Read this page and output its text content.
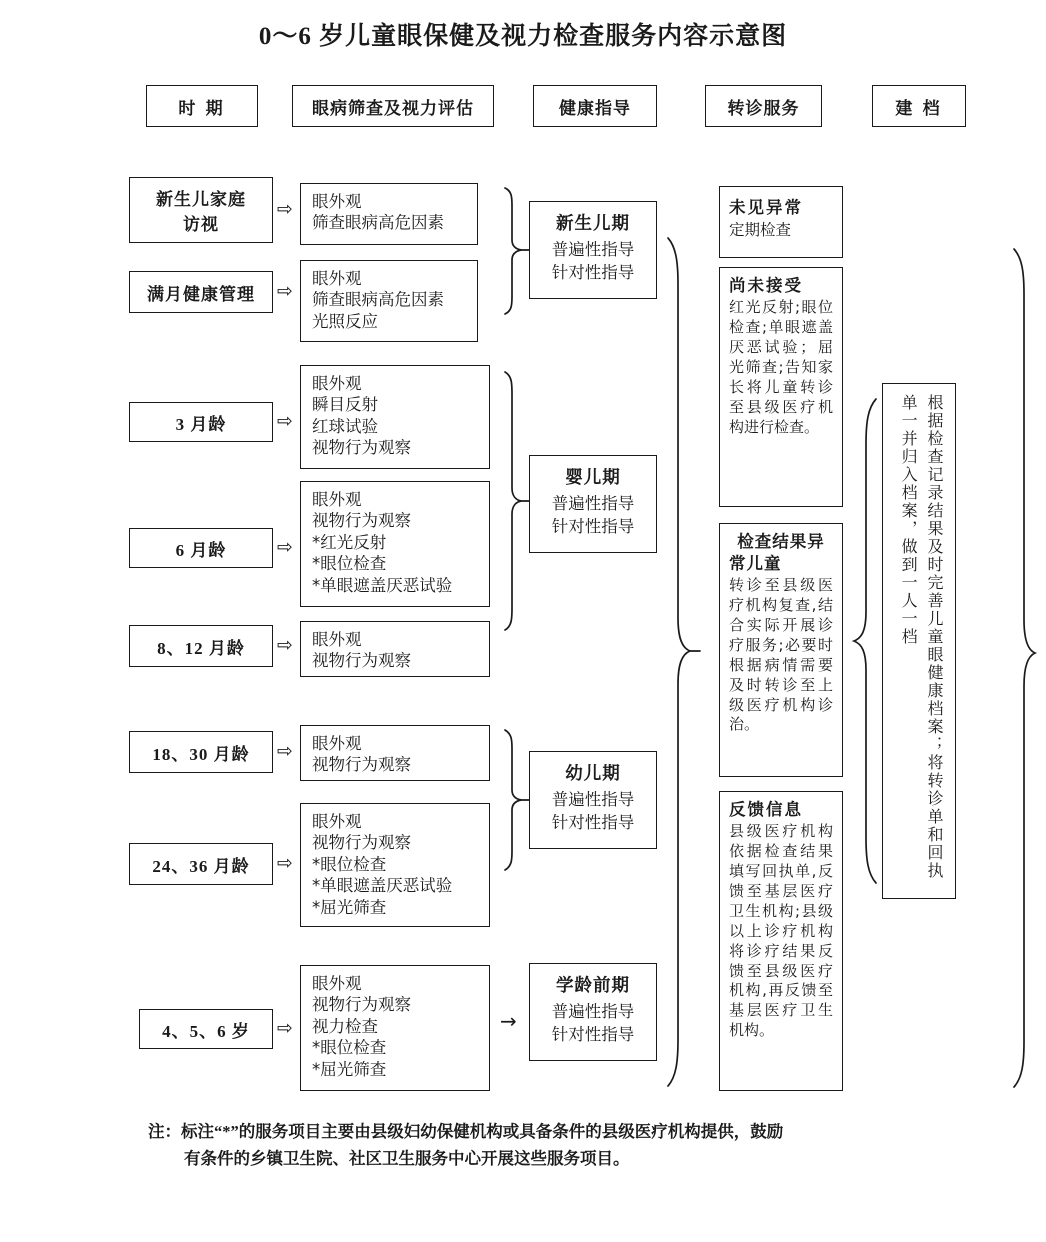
0～6 岁儿童眼保健及视力检查服务内容示意图
时 期	眼病筛查及视力评估	健康指导	转诊服务	建 档
新生儿家庭
访视
满月健康管理
3 月龄
6 月龄
8、12 月龄
18、30 月龄
24、36 月龄
4、5、6 岁
⇨
⇨
⇨
⇨
⇨
⇨
⇨
⇨
眼外观
筛查眼病高危因素
眼外观
筛查眼病高危因素
光照反应
眼外观
瞬目反射
红球试验
视物行为观察
眼外观
视物行为观察
*红光反射
*眼位检查
*单眼遮盖厌恶试验
眼外观
视物行为观察
眼外观
视物行为观察
眼外观
视物行为观察
*眼位检查
*单眼遮盖厌恶试验
*屈光筛查
眼外观
视物行为观察
视力检查
*眼位检查
*屈光筛查
新生儿期
普遍性指导
针对性指导
婴儿期
普遍性指导
针对性指导
幼儿期
普遍性指导
针对性指导
学龄前期
普遍性指导
针对性指导
→
未见异常
定期检查
尚未接受
红光反射;眼位检查;单眼遮盖厌恶试验；屈光筛查;告知家长将儿童转诊至县级医疗机构进行检查。
检查结果异常儿童
转诊至县级医疗机构复查,结合实际开展诊疗服务;必要时根据病情需要及时转诊至上级医疗机构诊治。
反馈信息
县级医疗机构依据检查结果填写回执单,反馈至基层医疗卫生机构;县级以上诊疗机构将诊疗结果反馈至县级医疗机构,再反馈至基层医疗卫生机构。
根据检查记录结果及时完善儿童眼健康档案；将转诊单和回执单一并归入档案，做到一人一档
注：标注“*”的服务项目主要由县级妇幼保健机构或具备条件的县级医疗机构提供，鼓励
有条件的乡镇卫生院、社区卫生服务中心开展这些服务项目。
